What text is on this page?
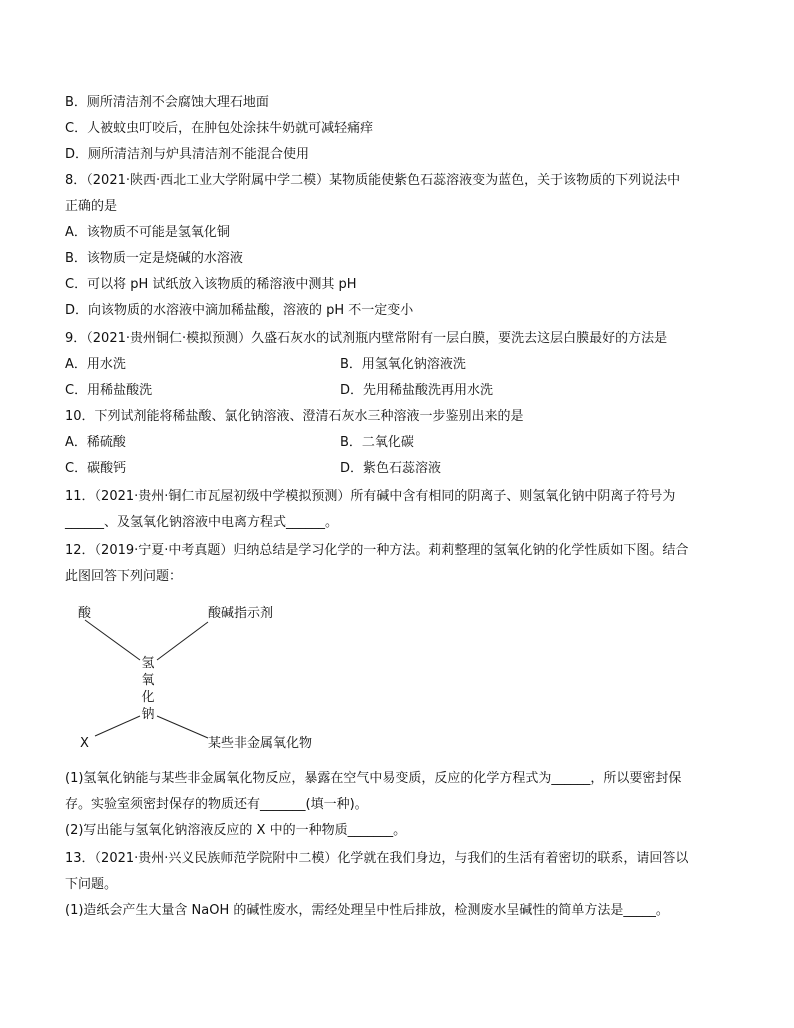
B．厕所清洁剂不会腐蚀大理石地面
C．人被蚊虫叮咬后，在肿包处涂抹牛奶就可减轻痛痒
D．厕所清洁剂与炉具清洁剂不能混合使用
8．（2021·陕西·西北工业大学附属中学二模）某物质能使紫色石蕊溶液变为蓝色，关于该物质的下列说法中
正确的是
A．该物质不可能是氢氧化铜
B．该物质一定是烧碱的水溶液
C．可以将 pH 试纸放入该物质的稀溶液中测其 pH
D．向该物质的水溶液中滴加稀盐酸，溶液的 pH 不一定变小
9．（2021·贵州铜仁·模拟预测）久盛石灰水的试剂瓶内壁常附有一层白膜，要洗去这层白膜最好的方法是
A．用水洗	B．用氢氧化钠溶液洗
C．用稀盐酸洗	D．先用稀盐酸洗再用水洗
10．下列试剂能将稀盐酸、氯化钠溶液、澄清石灰水三种溶液一步鉴别出来的是
A．稀硫酸	B．二氧化碳
C．碳酸钙	D．紫色石蕊溶液
11．（2021·贵州·铜仁市瓦屋初级中学模拟预测）所有碱中含有相同的阴离子、则氢氧化钠中阴离子符号为
______、及氢氧化钠溶液中电离方程式______。
12．（2019·宁夏·中考真题）归纳总结是学习化学的一种方法。莉莉整理的氢氧化钠的化学性质如下图。结合
此图回答下列问题：
酸	酸碱指示剂
氢氧化钠
X	某些非金属氧化物
(1)氢氧化钠能与某些非金属氧化物反应，暴露在空气中易变质，反应的化学方程式为______，所以要密封保
存。实验室须密封保存的物质还有_______(填一种)。
(2)写出能与氢氧化钠溶液反应的 X 中的一种物质_______。
13．（2021·贵州·兴义民族师范学院附中二模）化学就在我们身边，与我们的生活有着密切的联系，请回答以
下问题。
(1)造纸会产生大量含 NaOH 的碱性废水，需经处理呈中性后排放，检测废水呈碱性的简单方法是_____。
